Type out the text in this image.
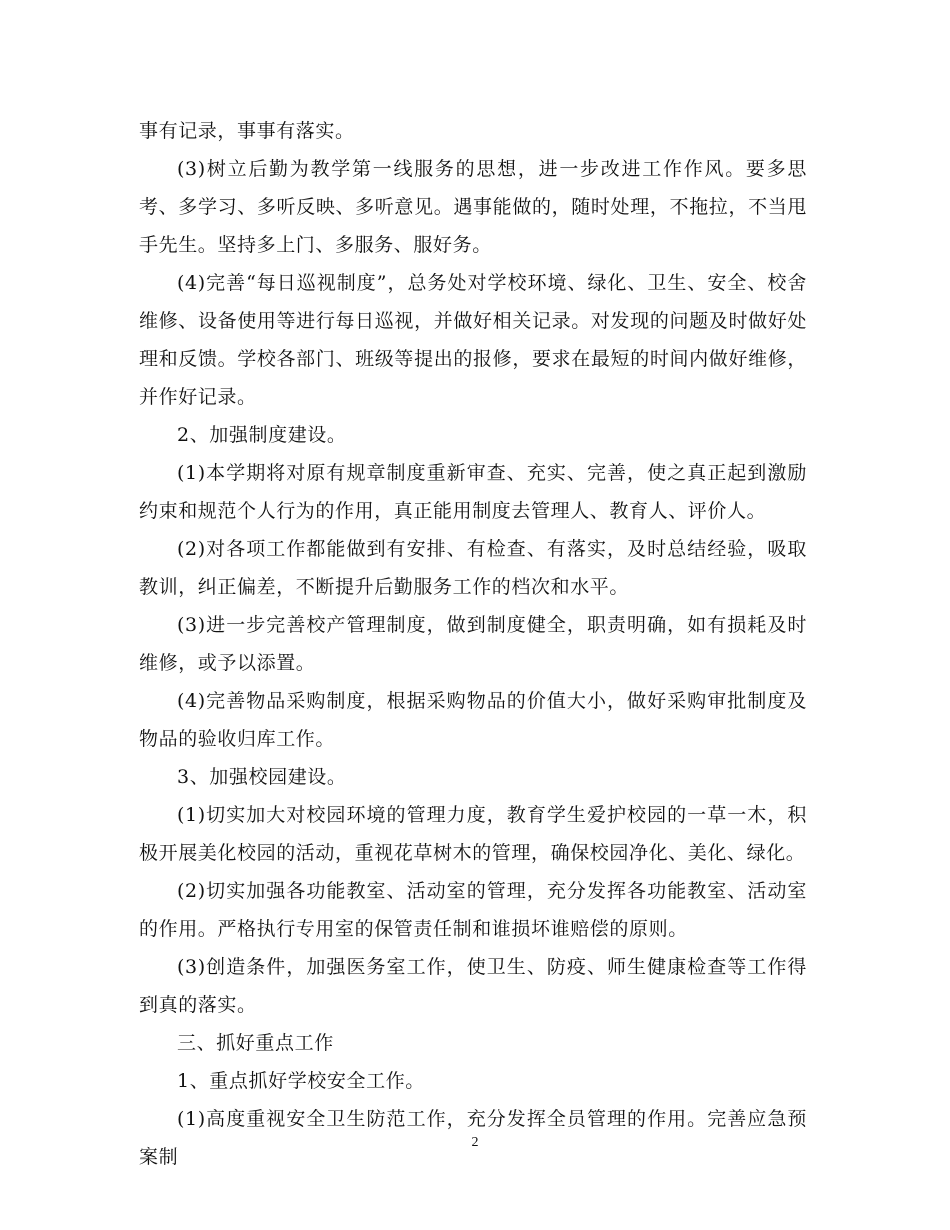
事有记录，事事有落实。

(3)树立后勤为教学第一线服务的思想，进一步改进工作作风。要多思考、多学习、多听反映、多听意见。遇事能做的，随时处理，不拖拉，不当甩手先生。坚持多上门、多服务、服好务。

(4)完善“每日巡视制度”，总务处对学校环境、绿化、卫生、安全、校舍维修、设备使用等进行每日巡视，并做好相关记录。对发现的问题及时做好处理和反馈。学校各部门、班级等提出的报修，要求在最短的时间内做好维修，并作好记录。

2、加强制度建设。

(1)本学期将对原有规章制度重新审查、充实、完善，使之真正起到激励约束和规范个人行为的作用，真正能用制度去管理人、教育人、评价人。

(2)对各项工作都能做到有安排、有检查、有落实，及时总结经验，吸取教训，纠正偏差，不断提升后勤服务工作的档次和水平。

(3)进一步完善校产管理制度，做到制度健全，职责明确，如有损耗及时维修，或予以添置。

(4)完善物品采购制度，根据采购物品的价值大小，做好采购审批制度及物品的验收归库工作。

3、加强校园建设。

(1)切实加大对校园环境的管理力度，教育学生爱护校园的一草一木，积极开展美化校园的活动，重视花草树木的管理，确保校园净化、美化、绿化。

(2)切实加强各功能教室、活动室的管理，充分发挥各功能教室、活动室的作用。严格执行专用室的保管责任制和谁损坏谁赔偿的原则。

(3)创造条件，加强医务室工作，使卫生、防疫、师生健康检查等工作得到真的落实。

三、抓好重点工作

1、重点抓好学校安全工作。

(1)高度重视安全卫生防范工作，充分发挥全员管理的作用。完善应急预案制

2
